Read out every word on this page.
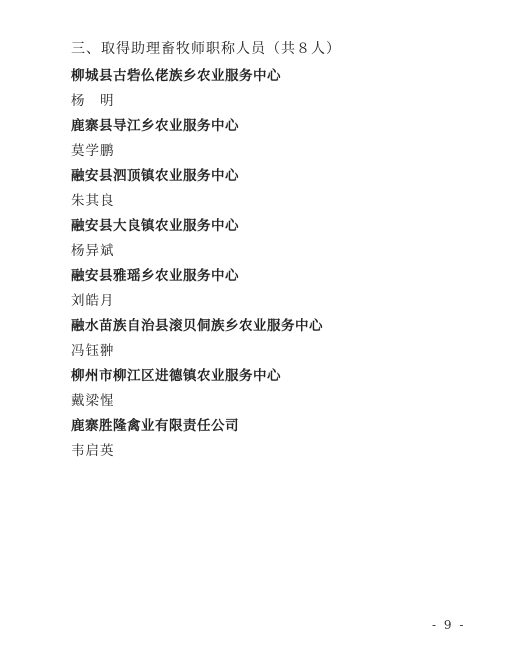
三、取得助理畜牧师职称人员（共８人）
柳城县古砦仫佬族乡农业服务中心
杨　明
鹿寨县导江乡农业服务中心
莫学鹏
融安县泗顶镇农业服务中心
朱其良
融安县大良镇农业服务中心
杨异斌
融安县雅瑶乡农业服务中心
刘皓月
融水苗族自治县滚贝侗族乡农业服务中心
冯钰翀
柳州市柳江区进德镇农业服务中心
戴梁惺
鹿寨胜隆禽业有限责任公司
韦启英
- 9 -
